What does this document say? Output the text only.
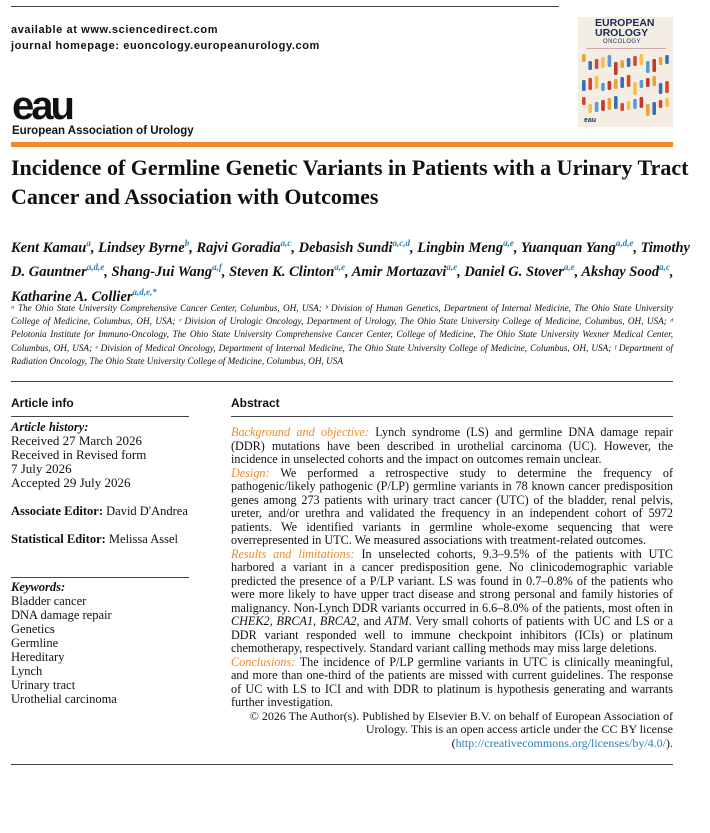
available at www.sciencedirect.com
journal homepage: euoncology.europeanurology.com
eau
European Association of Urology
EUROPEAN
UROLOGY
ONCOLOGY
eau
Incidence of Germline Genetic Variants in Patients with a Urinary Tract Cancer and Association with Outcomes
Kent Kamau$^a$, Lindsey Byrne$^b$, Rajvi Goradia$^{a,c}$, Debasish Sundi$^{a,c,d}$, Lingbin Meng$^{a,e}$, Yuanquan Yang$^{a,d,e}$, Timothy D. Gauntner$^{a,d,e}$, Shang-Jui Wang$^{a,f}$, Steven K. Clinton$^{a,e}$, Amir Mortazavi$^{a,e}$, Daniel G. Stover$^{a,e}$, Akshay Sood$^{a,c}$, Katharine A. Collier$^{a,d,e,*}$
ᵃ The Ohio State University Comprehensive Cancer Center, Columbus, OH, USA; ᵇ Division of Human Genetics, Department of Internal Medicine, The Ohio State University College of Medicine, Columbus, OH, USA; ᶜ Division of Urologic Oncology, Department of Urology, The Ohio State University College of Medicine, Columbus, OH, USA; ᵈ Pelotonia Institute for Immuno-Oncology, The Ohio State University Comprehensive Cancer Center, College of Medicine, The Ohio State University Wexner Medical Center, Columbus, OH, USA; ᵉ Division of Medical Oncology, Department of Internal Medicine, The Ohio State University College of Medicine, Columbus, OH, USA; ᶠ Department of Radiation Oncology, The Ohio State University College of Medicine, Columbus, OH, USA
Article info
Article history:
Received 27 March 2026
Received in Revised form
7 July 2026
Accepted 29 July 2026
Associate Editor: David D'Andrea
Statistical Editor: Melissa Assel
Keywords:
Bladder cancer
DNA damage repair
Genetics
Germline
Hereditary
Lynch
Urinary tract
Urothelial carcinoma
Abstract
Background and objective: Lynch syndrome (LS) and germline DNA damage repair (DDR) mutations have been described in urothelial carcinoma (UC). However, the incidence in unselected cohorts and the impact on outcomes remain unclear.
Design: We performed a retrospective study to determine the frequency of pathogenic/likely pathogenic (P/LP) germline variants in 78 known cancer predisposition genes among 273 patients with urinary tract cancer (UTC) of the bladder, renal pelvis, ureter, and/or urethra and validated the frequency in an independent cohort of 5972 patients. We identified variants in germline whole-exome sequencing that were overrepresented in UTC. We measured associations with treatment-related outcomes.
Results and limitations: In unselected cohorts, 9.3–9.5% of the patients with UTC harbored a variant in a cancer predisposition gene. No clinicodemographic variable predicted the presence of a P/LP variant. LS was found in 0.7–0.8% of the patients who were more likely to have upper tract disease and strong personal and family histories of malignancy. Non-Lynch DDR variants occurred in 6.6–8.0% of the patients, most often in CHEK2, BRCA1, BRCA2, and ATM. Very small cohorts of patients with UC and LS or a DDR variant responded well to immune checkpoint inhibitors (ICIs) or platinum chemotherapy, respectively. Standard variant calling methods may miss large deletions.
Conclusions: The incidence of P/LP germline variants in UTC is clinically meaningful, and more than one-third of the patients are missed with current guidelines. The response of UC with LS to ICI and with DDR to platinum is hypothesis generating and warrants further investigation.
© 2026 The Author(s). Published by Elsevier B.V. on behalf of European Association of Urology. This is an open access article under the CC BY license (http://creativecommons.org/licenses/by/4.0/).
